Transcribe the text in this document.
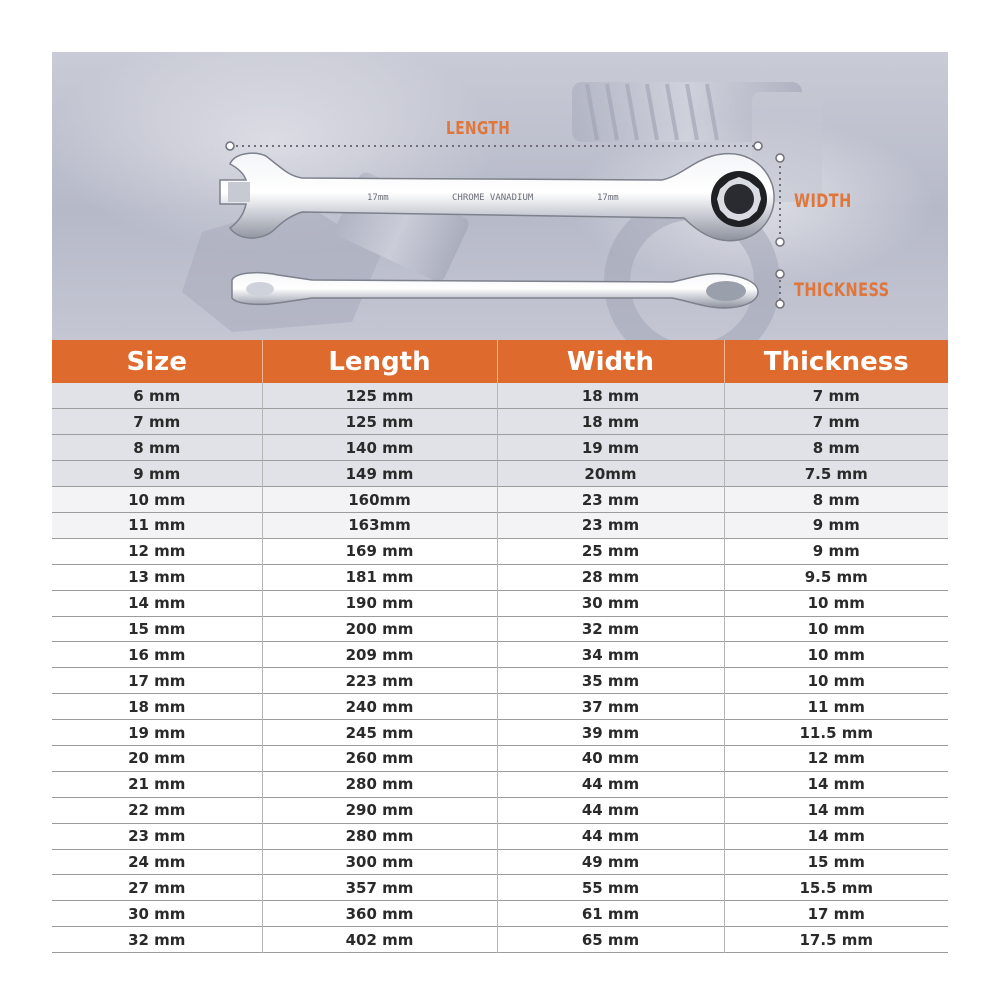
17mm	CHROME VANADIUM	17mm
LENGTH
WIDTH
THICKNESS
Size	Length	Width	Thickness
6 mm	125 mm	18 mm	7 mm
7 mm	125 mm	18 mm	7 mm
8 mm	140 mm	19 mm	8 mm
9 mm	149 mm	20mm	7.5 mm
10 mm	160mm	23 mm	8 mm
11 mm	163mm	23 mm	9 mm
12 mm	169 mm	25 mm	9 mm
13 mm	181 mm	28 mm	9.5 mm
14 mm	190 mm	30 mm	10 mm
15 mm	200 mm	32 mm	10 mm
16 mm	209 mm	34 mm	10 mm
17 mm	223 mm	35 mm	10 mm
18 mm	240 mm	37 mm	11 mm
19 mm	245 mm	39 mm	11.5 mm
20 mm	260 mm	40 mm	12 mm
21 mm	280 mm	44 mm	14 mm
22 mm	290 mm	44 mm	14 mm
23 mm	280 mm	44 mm	14 mm
24 mm	300 mm	49 mm	15 mm
27 mm	357 mm	55 mm	15.5 mm
30 mm	360 mm	61 mm	17 mm
32 mm	402 mm	65 mm	17.5 mm
